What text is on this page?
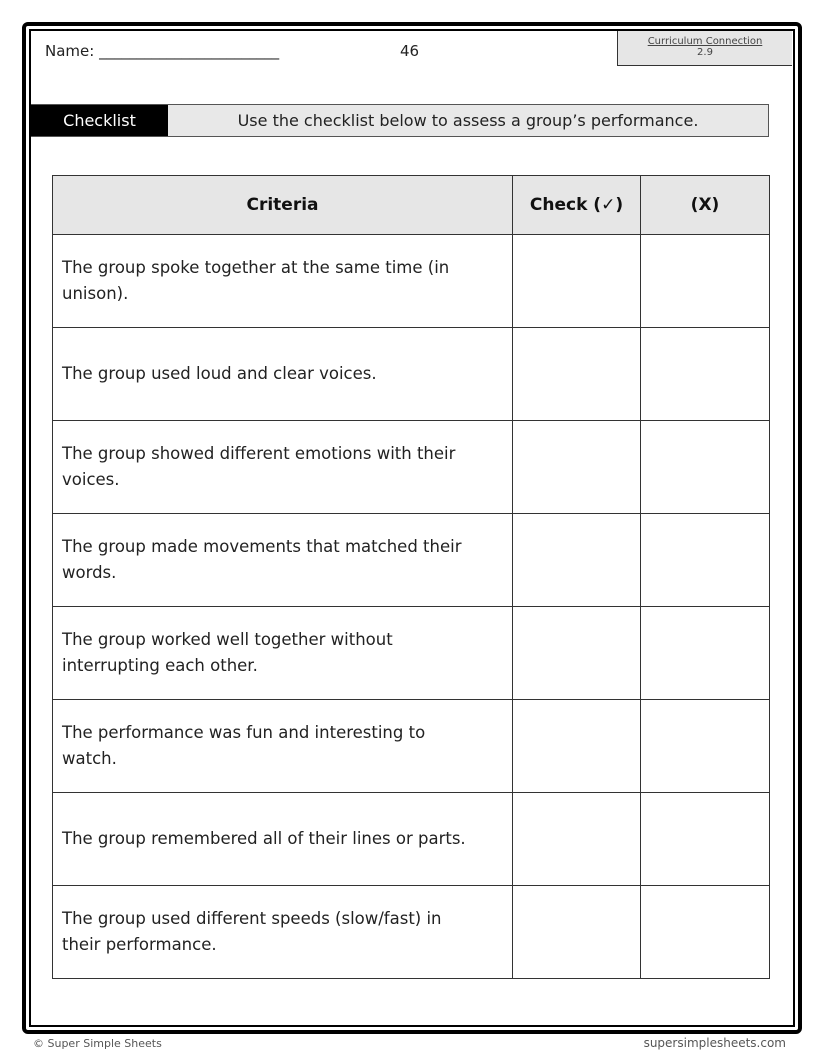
Name: ________________________	46
Curriculum Connection
2.9
Checklist	Use the checklist below to assess a group’s performance.
Criteria	Check (✓)	(X)
The group spoke together at the same time (in unison).		
The group used loud and clear voices.		
The group showed different emotions with their voices.		
The group made movements that matched their words.		
The group worked well together without interrupting each other.		
The performance was fun and interesting to watch.		
The group remembered all of their lines or parts.		
The group used different speeds (slow/fast) in their performance.		
© Super Simple Sheets	supersimplesheets.com
